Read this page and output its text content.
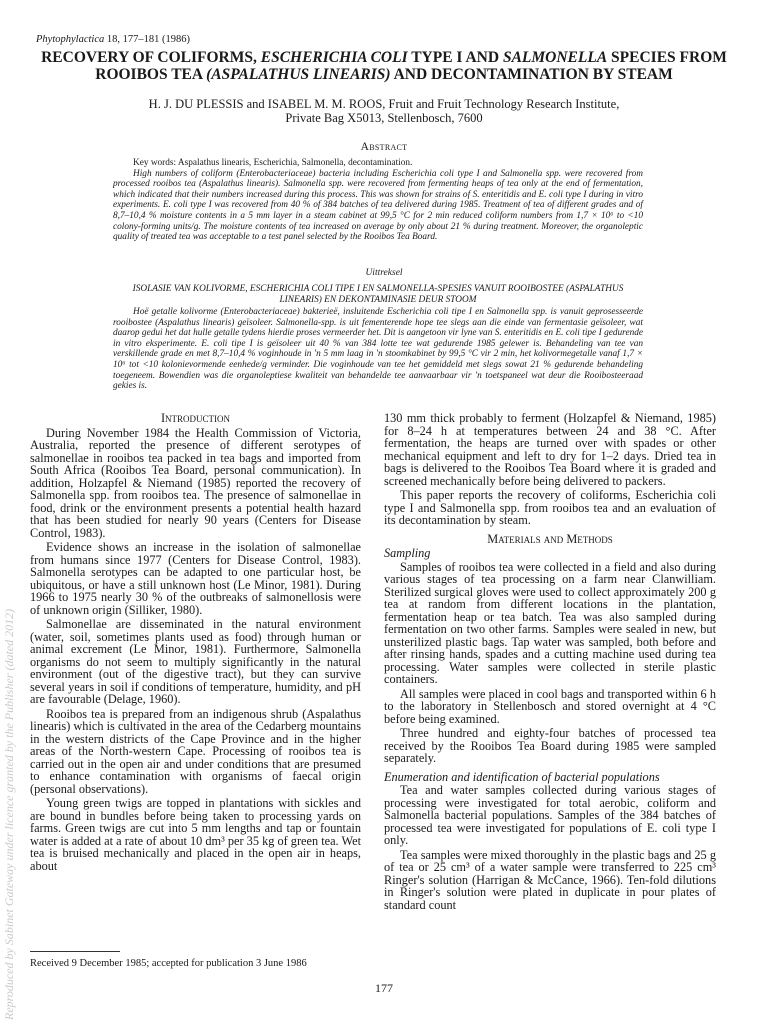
Phytophylactica 18, 177–181 (1986)
RECOVERY OF COLIFORMS, ESCHERICHIA COLI TYPE I AND SALMONELLA SPECIES FROM ROOIBOS TEA (ASPALATHUS LINEARIS) AND DECONTAMINATION BY STEAM
H. J. DU PLESSIS and ISABEL M. M. ROOS, Fruit and Fruit Technology Research Institute,
Private Bag X5013, Stellenbosch, 7600
Abstract

Key words: Aspalathus linearis, Escherichia, Salmonella, decontamination.

High numbers of coliform (Enterobacteriaceae) bacteria including Escherichia coli type I and Salmonella spp. were recovered from processed rooibos tea (Aspalathus linearis). Salmonella spp. were recovered from fermenting heaps of tea only at the end of fermentation, which indicated that their numbers increased during this process. This was shown for strains of S. enteritidis and E. coli type I during in vitro experiments. E. coli type I was recovered from 40 % of 384 batches of tea delivered during 1985. Treatment of tea of different grades and of 8,7–10,4 % moisture contents in a 5 mm layer in a steam cabinet at 99,5 °C for 2 min reduced coliform numbers from 1,7 × 10⁶ to <10 colony-forming units/g. The moisture contents of tea increased on average by only about 21 % during treatment. Moreover, the organoleptic quality of treated tea was acceptable to a test panel selected by the Rooibos Tea Board.

Uittreksel
ISOLASIE VAN KOLIVORME, ESCHERICHIA COLI TIPE I EN SALMONELLA-SPESIES VANUIT ROOIBOSTEE (ASPALATHUS LINEARIS) EN DEKONTAMINASIE DEUR STOOM

Hoë getalle kolivorme (Enterobacteriaceae) bakterieë, insluitende Escherichia coli tipe I en Salmonella spp. is vanuit geprosesseerde rooibostee (Aspalathus linearis) geïsoleer. Salmonella-spp. is uit fementerende hope tee slegs aan die einde van fermentasie geïsoleer, wat daarop gedui het dat hulle getalle tydens hierdie proses vermeerder het. Dit is aangetoon vir lyne van S. enteritidis en E. coli tipe I gedurende in vitro eksperimente. E. coli tipe I is geïsoleer uit 40 % van 384 lotte tee wat gedurende 1985 gelewer is. Behandeling van tee van verskillende grade en met 8,7–10,4 % voginhoude in 'n 5 mm laag in 'n stoomkabinet by 99,5 °C vir 2 min, het kolivormegetalle vanaf 1,7 × 10⁶ tot <10 kolonievormende eenhede/g verminder. Die voginhoude van tee het gemiddeld met slegs sowat 21 % gedurende behandeling toegeneem. Bowendien was die organoleptiese kwaliteit van behandelde tee aanvaarbaar vir 'n toetspaneel wat deur die Rooibosteeraad gekies is.

Introduction

During November 1984 the Health Commission of Victoria, Australia, reported the presence of different serotypes of salmonellae in rooibos tea packed in tea bags and imported from South Africa (Rooibos Tea Board, personal communication). In addition, Holzapfel & Niemand (1985) reported the recovery of Salmonella spp. from rooibos tea. The presence of salmonellae in food, drink or the environment presents a potential health hazard that has been studied for nearly 90 years (Centers for Disease Control, 1983).

Evidence shows an increase in the isolation of salmonellae from humans since 1977 (Centers for Disease Control, 1983). Salmonella serotypes can be adapted to one particular host, be ubiquitous, or have a still unknown host (Le Minor, 1981). During 1966 to 1975 nearly 30 % of the outbreaks of salmonellosis were of unknown origin (Silliker, 1980).

Salmonellae are disseminated in the natural environment (water, soil, sometimes plants used as food) through human or animal excrement (Le Minor, 1981). Furthermore, Salmonella organisms do not seem to multiply significantly in the natural environment (out of the digestive tract), but they can survive several years in soil if conditions of temperature, humidity, and pH are favourable (Delage, 1960).

Rooibos tea is prepared from an indigenous shrub (Aspalathus linearis) which is cultivated in the area of the Cedarberg mountains in the western districts of the Cape Province and in the higher areas of the North-western Cape. Processing of rooibos tea is carried out in the open air and under conditions that are presumed to enhance contamination with organisms of faecal origin (personal observations).

Young green twigs are topped in plantations with sickles and are bound in bundles before being taken to processing yards on farms. Green twigs are cut into 5 mm lengths and tap or fountain water is added at a rate of about 10 dm³ per 35 kg of green tea. Wet tea is bruised mechanically and placed in the open air in heaps, about

130 mm thick probably to ferment (Holzapfel & Niemand, 1985) for 8–24 h at temperatures between 24 and 38 °C. After fermentation, the heaps are turned over with spades or other mechanical equipment and left to dry for 1–2 days. Dried tea in bags is delivered to the Rooibos Tea Board where it is graded and screened mechanically before being delivered to packers.

This paper reports the recovery of coliforms, Escherichia coli type I and Salmonella spp. from rooibos tea and an evaluation of its decontamination by steam.

Materials and Methods

Sampling

Samples of rooibos tea were collected in a field and also during various stages of tea processing on a farm near Clanwilliam. Sterilized surgical gloves were used to collect approximately 200 g tea at random from different locations in the plantation, fermentation heap or tea batch. Tea was also sampled during fermentation on two other farms. Samples were sealed in new, but unsterilized plastic bags. Tap water was sampled, both before and after rinsing hands, spades and a cutting machine used during tea processing. Water samples were collected in sterile plastic containers.

All samples were placed in cool bags and transported within 6 h to the laboratory in Stellenbosch and stored overnight at 4 °C before being examined.

Three hundred and eighty-four batches of processed tea received by the Rooibos Tea Board during 1985 were sampled separately.

Enumeration and identification of bacterial populations

Tea and water samples collected during various stages of processing were investigated for total aerobic, coliform and Salmonella bacterial populations. Samples of the 384 batches of processed tea were investigated for populations of E. coli type I only.

Tea samples were mixed thoroughly in the plastic bags and 25 g of tea or 25 cm³ of a water sample were transferred to 225 cm³ Ringer's solution (Harrigan & McCance, 1966). Ten-fold dilutions in Ringer's solution were plated in duplicate in pour plates of standard count

Received 9 December 1985; accepted for publication 3 June 1986
177
Reproduced by Sabinet Gateway under licence granted by the Publisher (dated 2012)
